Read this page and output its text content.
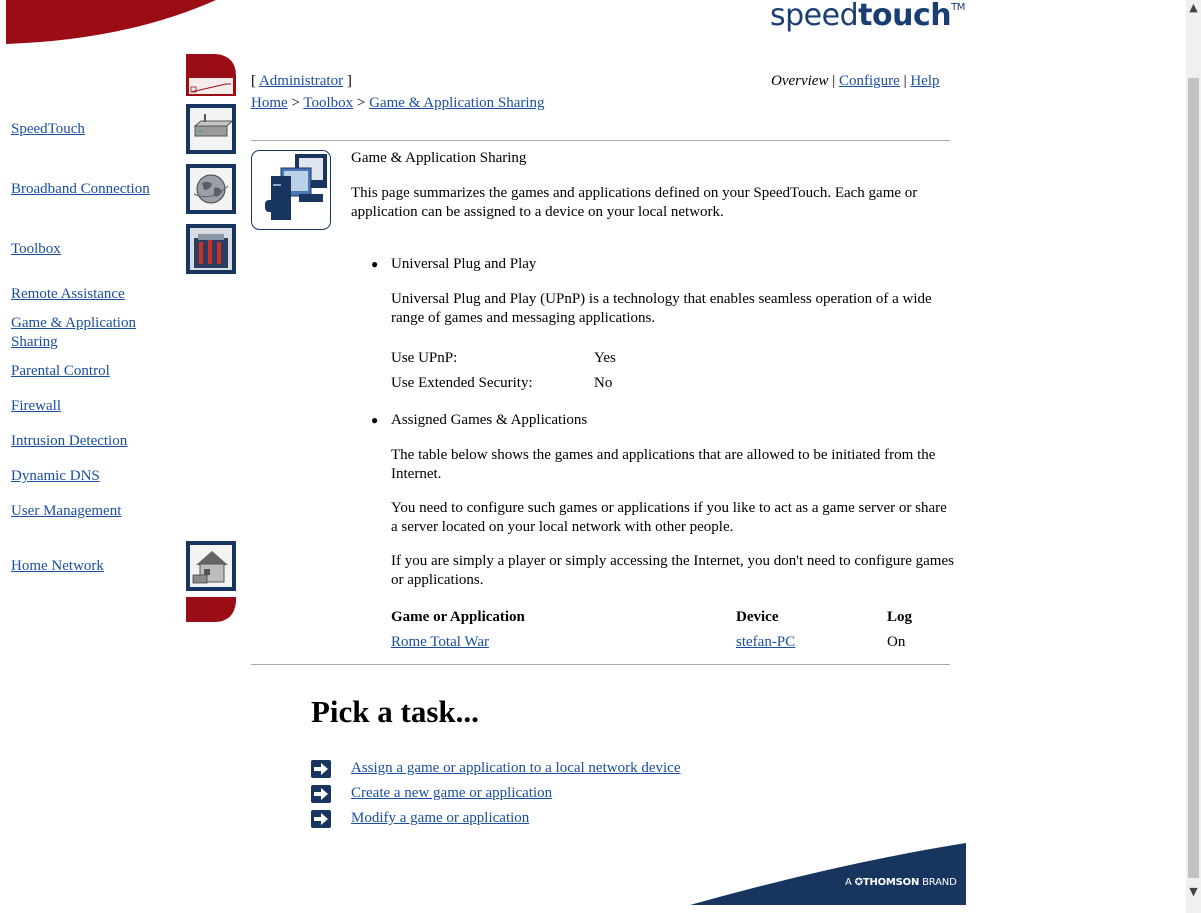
speedtouch™
SpeedTouch
Broadband Connection
Toolbox
Remote Assistance
Game & Application Sharing
Parental Control
Firewall
Intrusion Detection
Dynamic DNS
User Management
Home Network
[ Administrator ]
Home > Toolbox > Game & Application Sharing
Overview | Configure | Help
Game & Application Sharing
This page summarizes the games and applications defined on your SpeedTouch. Each game or application can be assigned to a device on your local network.
● Universal Plug and Play
Universal Plug and Play (UPnP) is a technology that enables seamless operation of a wide range of games and messaging applications.
Use UPnP:	Yes
Use Extended Security:	No
● Assigned Games & Applications
The table below shows the games and applications that are allowed to be initiated from the Internet.
You need to configure such games or applications if you like to act as a game server or share a server located on your local network with other people.
If you are simply a player or simply accessing the Internet, you don't need to configure games or applications.
Game or Application	Device	Log
Rome Total War	stefan-PC	On
Pick a task...
Assign a game or application to a local network device
Create a new game or application
Modify a game or application
A ✪THOMSON BRAND
▲
▼
